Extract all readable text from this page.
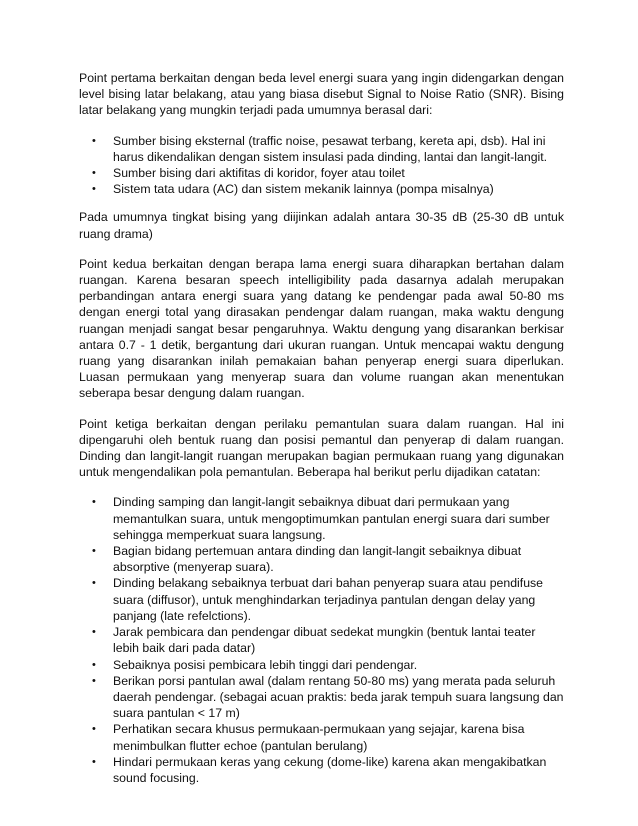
Point pertama berkaitan dengan beda level energi suara yang ingin didengarkan dengan level bising latar belakang, atau yang biasa disebut Signal to Noise Ratio (SNR). Bising latar belakang yang mungkin terjadi pada umumnya berasal dari:

• Sumber bising eksternal (traffic noise, pesawat terbang, kereta api, dsb). Hal ini harus dikendalikan dengan sistem insulasi pada dinding, lantai dan langit-langit.
• Sumber bising dari aktifitas di koridor, foyer atau toilet
• Sistem tata udara (AC) dan sistem mekanik lainnya (pompa misalnya)

Pada umumnya tingkat bising yang diijinkan adalah antara 30-35 dB (25-30 dB untuk ruang drama)

Point kedua berkaitan dengan berapa lama energi suara diharapkan bertahan dalam ruangan. Karena besaran speech intelligibility pada dasarnya adalah merupakan perbandingan antara energi suara yang datang ke pendengar pada awal 50-80 ms dengan energi total yang dirasakan pendengar dalam ruangan, maka waktu dengung ruangan menjadi sangat besar pengaruhnya. Waktu dengung yang disarankan berkisar antara 0.7 - 1 detik, bergantung dari ukuran ruangan. Untuk mencapai waktu dengung ruang yang disarankan inilah pemakaian bahan penyerap energi suara diperlukan. Luasan permukaan yang menyerap suara dan volume ruangan akan menentukan seberapa besar dengung dalam ruangan.

Point ketiga berkaitan dengan perilaku pemantulan suara dalam ruangan. Hal ini dipengaruhi oleh bentuk ruang dan posisi pemantul dan penyerap di dalam ruangan. Dinding dan langit-langit ruangan merupakan bagian permukaan ruang yang digunakan untuk mengendalikan pola pemantulan. Beberapa hal berikut perlu dijadikan catatan:

• Dinding samping dan langit-langit sebaiknya dibuat dari permukaan yang memantulkan suara, untuk mengoptimumkan pantulan energi suara dari sumber sehingga memperkuat suara langsung.
• Bagian bidang pertemuan antara dinding dan langit-langit sebaiknya dibuat absorptive (menyerap suara).
• Dinding belakang sebaiknya terbuat dari bahan penyerap suara atau pendifuse suara (diffusor), untuk menghindarkan terjadinya pantulan dengan delay yang panjang (late refelctions).
• Jarak pembicara dan pendengar dibuat sedekat mungkin (bentuk lantai teater lebih baik dari pada datar)
• Sebaiknya posisi pembicara lebih tinggi dari pendengar.
• Berikan porsi pantulan awal (dalam rentang 50-80 ms) yang merata pada seluruh daerah pendengar. (sebagai acuan praktis: beda jarak tempuh suara langsung dan suara pantulan < 17 m)
• Perhatikan secara khusus permukaan-permukaan yang sejajar, karena bisa menimbulkan flutter echoe (pantulan berulang)
• Hindari permukaan keras yang cekung (dome-like) karena akan mengakibatkan sound focusing.
